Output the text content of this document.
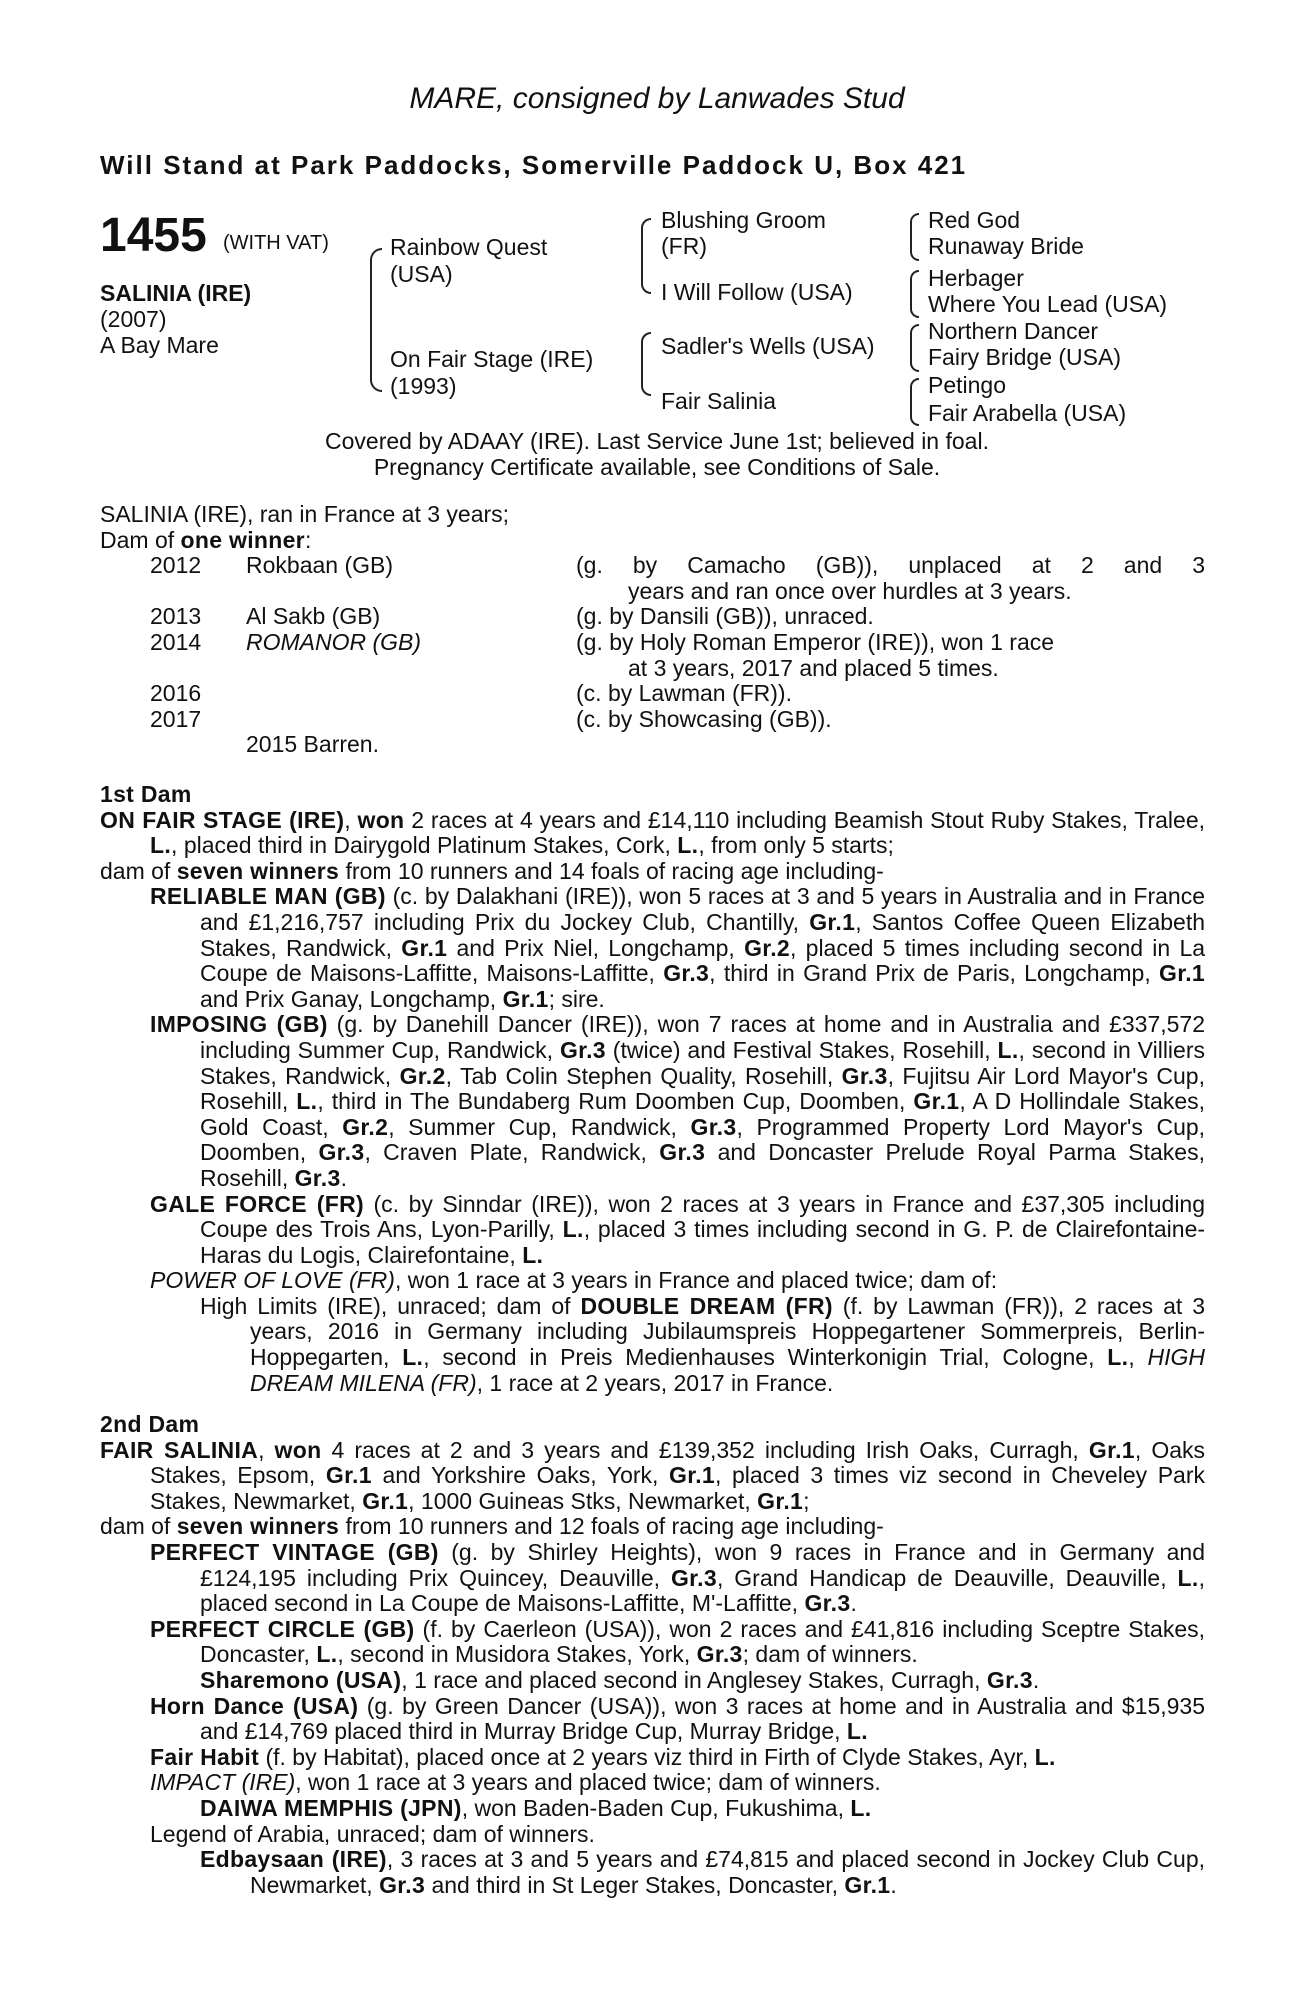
MARE, consigned by Lanwades Stud
Will Stand at Park Paddocks, Somerville Paddock U, Box 421
1455 (WITH VAT)
SALINIA (IRE)
(2007)
A Bay Mare
Rainbow Quest
(USA)
On Fair Stage (IRE)
(1993)
Blushing Groom
(FR)
I Will Follow (USA)
Sadler's Wells (USA)
Fair Salinia
Red God
Runaway Bride
Herbager
Where You Lead (USA)
Northern Dancer
Fairy Bridge (USA)
Petingo
Fair Arabella (USA)
Covered by ADAAY (IRE). Last Service June 1st; believed in foal.
Pregnancy Certificate available, see Conditions of Sale.
SALINIA (IRE), ran in France at 3 years;
Dam of one winner:
2012	Rokbaan (GB)	(g. by Camacho (GB)), unplaced at 2 and 3
years and ran once over hurdles at 3 years.

2013	Al Sakb (GB)	(g. by Dansili (GB)), unraced.
2014	ROMANOR (GB)	(g. by Holy Roman Emperor (IRE)), won 1 race
at 3 years, 2017 and placed 5 times.

2016		(c. by Lawman (FR)).
2017		(c. by Showcasing (GB)).
	2015 Barren.	
1st Dam
ON FAIR STAGE (IRE), won 2 races at 4 years and £14,110 including Beamish Stout Ruby Stakes, Tralee, L., placed third in Dairygold Platinum Stakes, Cork, L., from only 5 starts;
dam of seven winners from 10 runners and 14 foals of racing age including-
RELIABLE MAN (GB) (c. by Dalakhani (IRE)), won 5 races at 3 and 5 years in Australia and in France and £1,216,757 including Prix du Jockey Club, Chantilly, Gr.1, Santos Coffee Queen Elizabeth Stakes, Randwick, Gr.1 and Prix Niel, Longchamp, Gr.2, placed 5 times including second in La Coupe de Maisons-Laffitte, Maisons-Laffitte, Gr.3, third in Grand Prix de Paris, Longchamp, Gr.1 and Prix Ganay, Longchamp, Gr.1; sire.
IMPOSING (GB) (g. by Danehill Dancer (IRE)), won 7 races at home and in Australia and £337,572 including Summer Cup, Randwick, Gr.3 (twice) and Festival Stakes, Rosehill, L., second in Villiers Stakes, Randwick, Gr.2, Tab Colin Stephen Quality, Rosehill, Gr.3, Fujitsu Air Lord Mayor's Cup, Rosehill, L., third in The Bundaberg Rum Doomben Cup, Doomben, Gr.1, A D Hollindale Stakes, Gold Coast, Gr.2, Summer Cup, Randwick, Gr.3, Programmed Property Lord Mayor's Cup, Doomben, Gr.3, Craven Plate, Randwick, Gr.3 and Doncaster Prelude Royal Parma Stakes, Rosehill, Gr.3.
GALE FORCE (FR) (c. by Sinndar (IRE)), won 2 races at 3 years in France and £37,305 including Coupe des Trois Ans, Lyon-Parilly, L., placed 3 times including second in G. P. de Clairefontaine-Haras du Logis, Clairefontaine, L.
POWER OF LOVE (FR), won 1 race at 3 years in France and placed twice; dam of:
High Limits (IRE), unraced; dam of DOUBLE DREAM (FR) (f. by Lawman (FR)), 2 races at 3 years, 2016 in Germany including Jubilaumspreis Hoppegartener Sommerpreis, Berlin-Hoppegarten, L., second in Preis Medienhauses Winterkonigin Trial, Cologne, L., HIGH DREAM MILENA (FR), 1 race at 2 years, 2017 in France.
2nd Dam
FAIR SALINIA, won 4 races at 2 and 3 years and £139,352 including Irish Oaks, Curragh, Gr.1, Oaks Stakes, Epsom, Gr.1 and Yorkshire Oaks, York, Gr.1, placed 3 times viz second in Cheveley Park Stakes, Newmarket, Gr.1, 1000 Guineas Stks, Newmarket, Gr.1;
dam of seven winners from 10 runners and 12 foals of racing age including-
PERFECT VINTAGE (GB) (g. by Shirley Heights), won 9 races in France and in Germany and £124,195 including Prix Quincey, Deauville, Gr.3, Grand Handicap de Deauville, Deauville, L., placed second in La Coupe de Maisons-Laffitte, M'-Laffitte, Gr.3.
PERFECT CIRCLE (GB) (f. by Caerleon (USA)), won 2 races and £41,816 including Sceptre Stakes, Doncaster, L., second in Musidora Stakes, York, Gr.3; dam of winners.
Sharemono (USA), 1 race and placed second in Anglesey Stakes, Curragh, Gr.3.
Horn Dance (USA) (g. by Green Dancer (USA)), won 3 races at home and in Australia and $15,935 and £14,769 placed third in Murray Bridge Cup, Murray Bridge, L.
Fair Habit (f. by Habitat), placed once at 2 years viz third in Firth of Clyde Stakes, Ayr, L.
IMPACT (IRE), won 1 race at 3 years and placed twice; dam of winners.
DAIWA MEMPHIS (JPN), won Baden-Baden Cup, Fukushima, L.
Legend of Arabia, unraced; dam of winners.
Edbaysaan (IRE), 3 races at 3 and 5 years and £74,815 and placed second in Jockey Club Cup, Newmarket, Gr.3 and third in St Leger Stakes, Doncaster, Gr.1.
